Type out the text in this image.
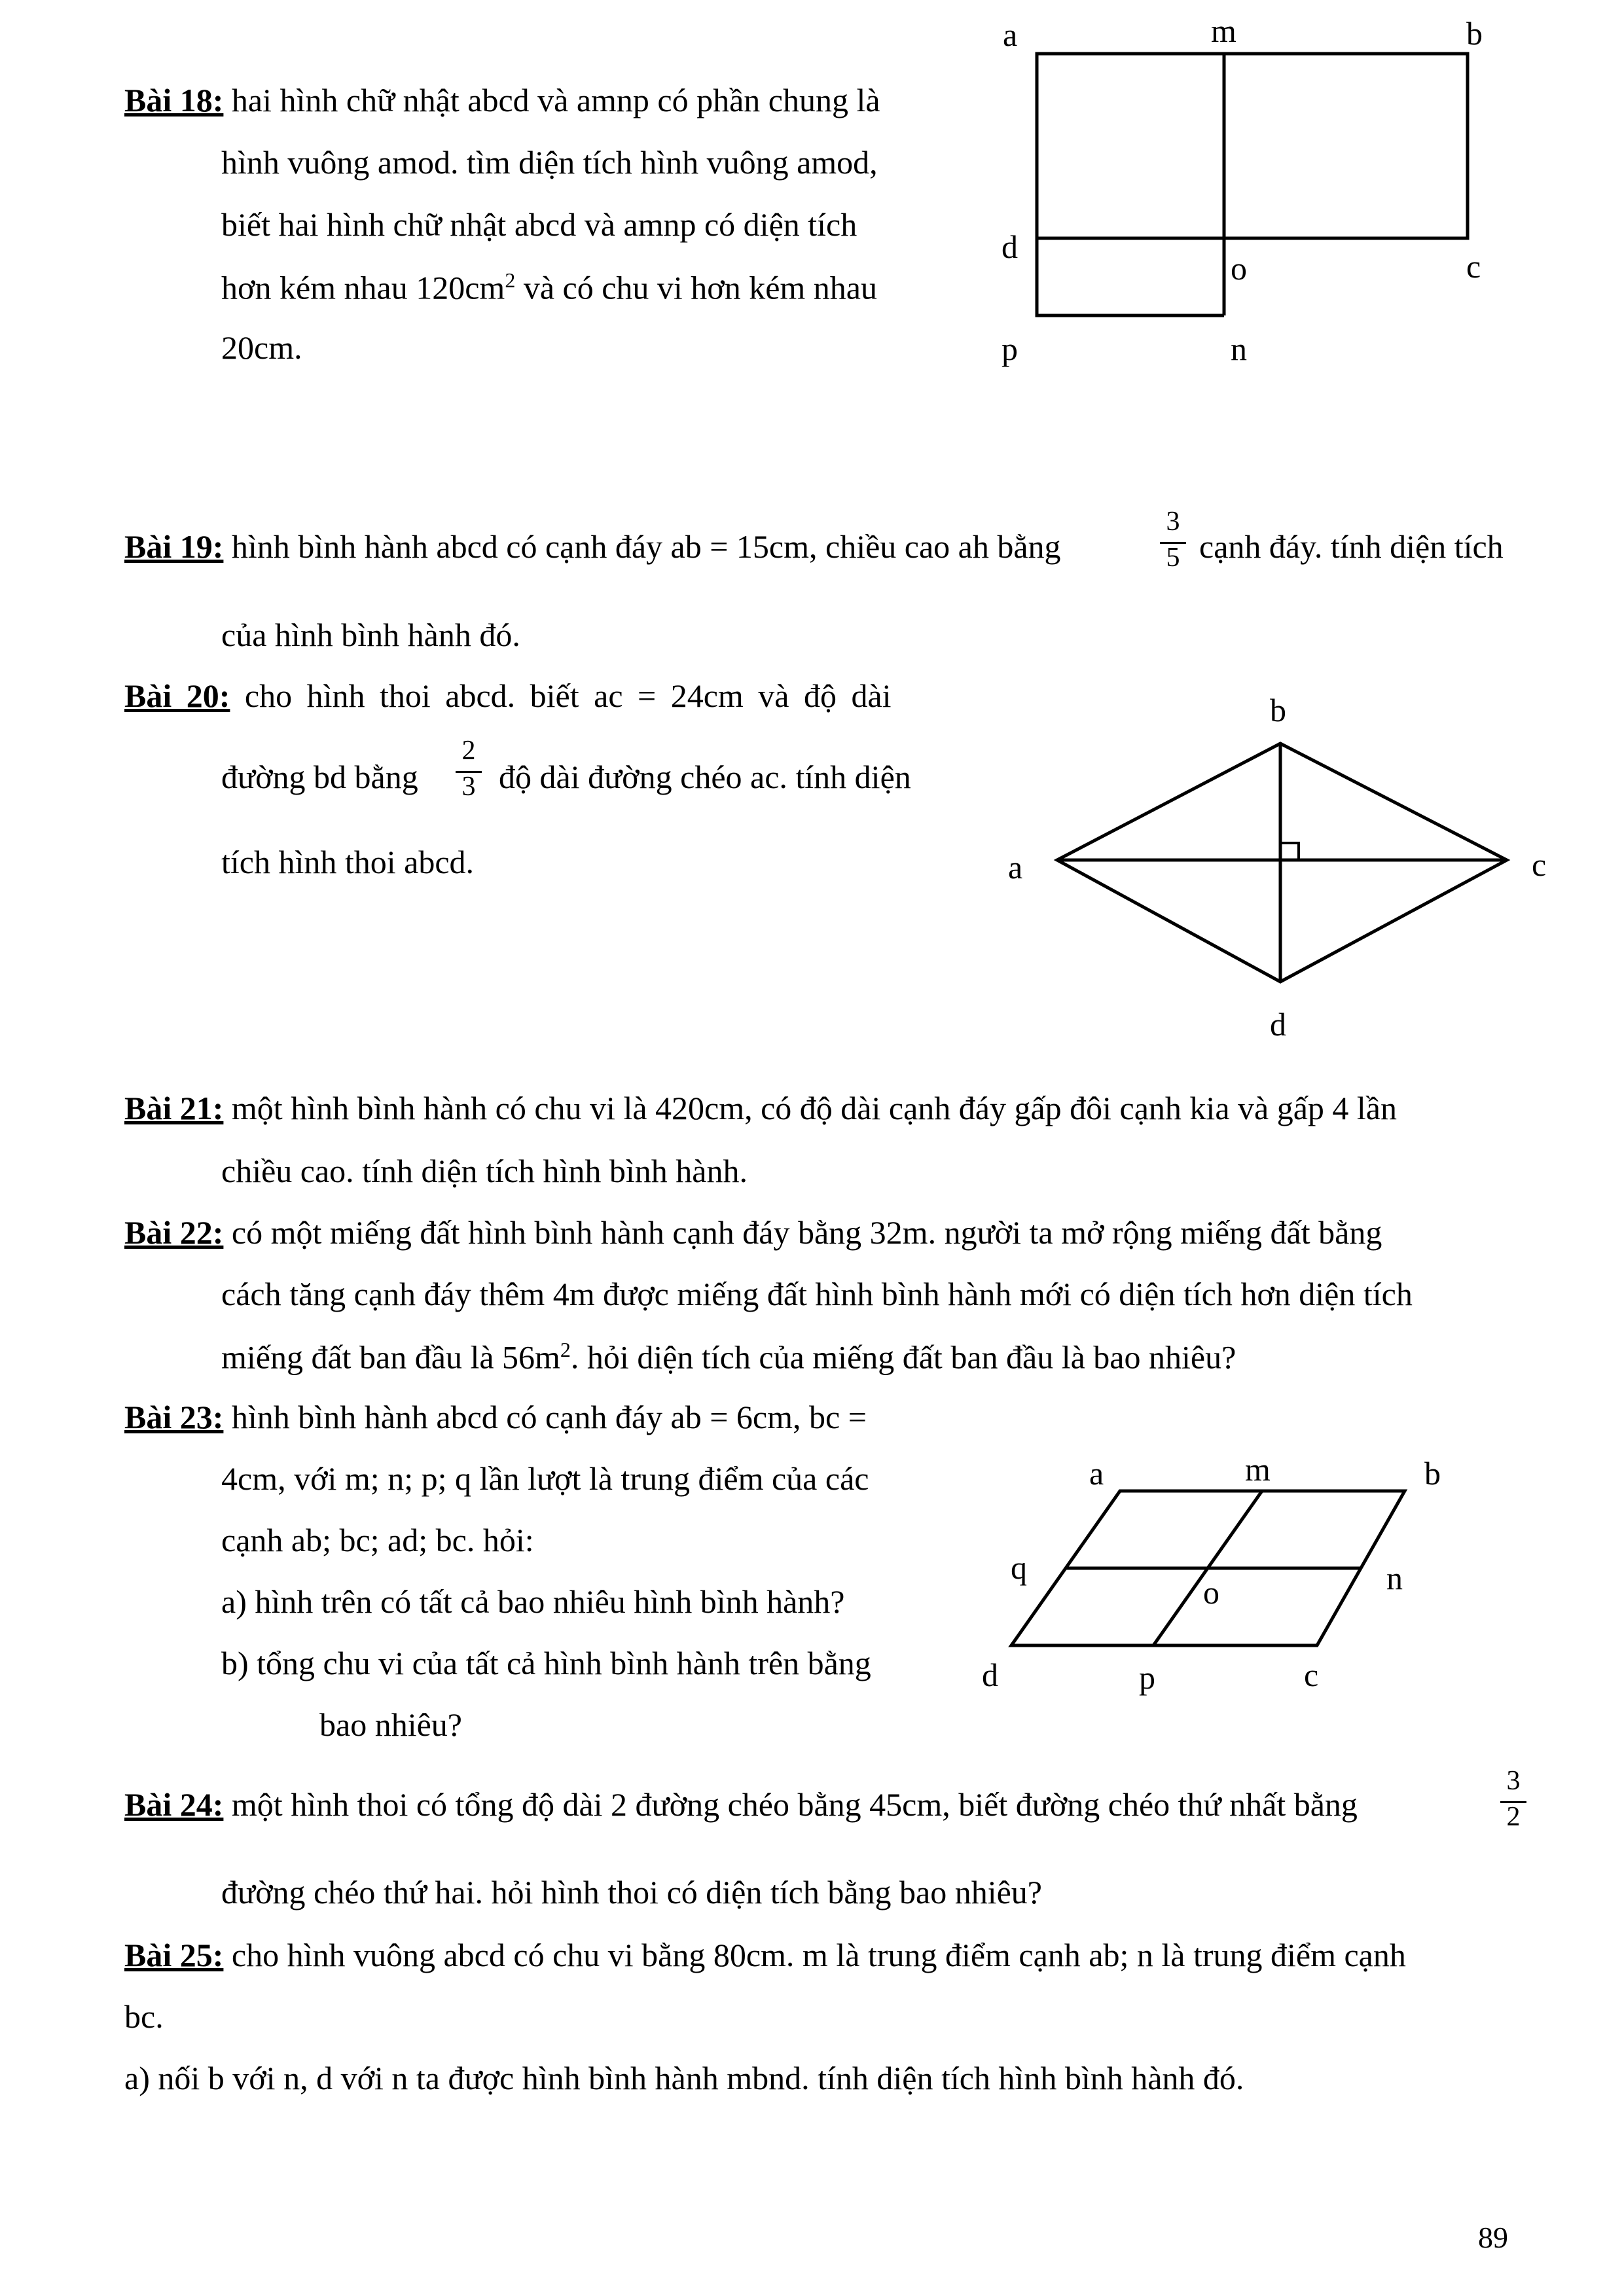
Bài 18: hai hình chữ nhật abcd và amnp có phần chung là
hình vuông amod. tìm diện tích hình vuông amod,
biết hai hình chữ nhật abcd và amnp có diện tích
hơn kém nhau $120cm^2$ và có chu vi hơn kém nhau
20cm.
a	m	b
d
o	c
p	n
Bài 19: hình bình hành abcd có cạnh đáy ab = 15cm, chiều cao ah bằng	$\frac{3}{5}$ cạnh đáy. tính diện tích
của hình bình hành đó.
Bài 20: cho hình thoi abcd. biết ac = 24cm và độ dài
đường bd bằng $\frac{2}{3}$ độ dài đường chéo ac. tính diện
tích hình thoi abcd.
b
a	c
d
Bài 21: một hình bình hành có chu vi là 420cm, có độ dài cạnh đáy gấp đôi cạnh kia và gấp 4 lần
chiều cao. tính diện tích hình bình hành.
Bài 22: có một miếng đất hình bình hành cạnh đáy bằng 32m. người ta mở rộng miếng đất bằng
cách tăng cạnh đáy thêm 4m được miếng đất hình bình hành mới có diện tích hơn diện tích
miếng đất ban đầu là $56m^2$. hỏi diện tích của miếng đất ban đầu là bao nhiêu?
Bài 23: hình bình hành abcd có cạnh đáy ab = 6cm, bc =
4cm, với m; n; p; q lần lượt là trung điểm của các
cạnh ab; bc; ad; bc. hỏi:
a) hình trên có tất cả bao nhiêu hình bình hành?
b) tổng chu vi của tất cả hình bình hành trên bằng
bao nhiêu?
a	m	b
q
o	n
d	p	c
Bài 24: một hình thoi có tổng độ dài 2 đường chéo bằng 45cm, biết đường chéo thứ nhất bằng	$\frac{3}{2}$
đường chéo thứ hai. hỏi hình thoi có diện tích bằng bao nhiêu?
Bài 25: cho hình vuông abcd có chu vi bằng 80cm. m là trung điểm cạnh ab; n là trung điểm cạnh
bc.
a) nối b với n, d với n ta được hình bình hành mbnd. tính diện tích hình bình hành đó.
89
